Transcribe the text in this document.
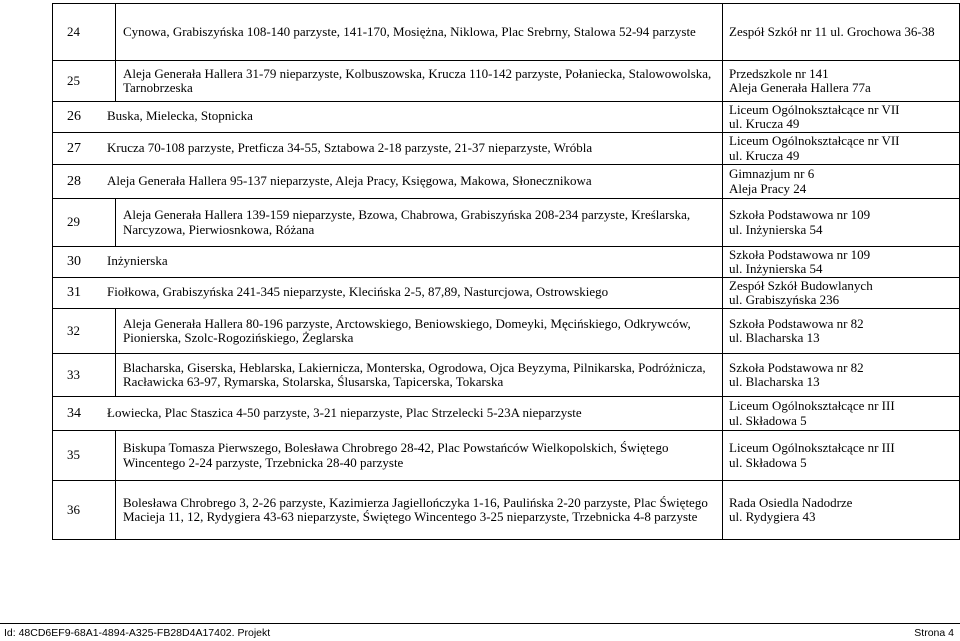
24	Cynowa, Grabiszyńska 108-140 parzyste, 141-170, Mosiężna, Niklowa, Plac Srebrny, Stalowa 52-94 parzyste	Zespół Szkół nr 11 ul. Grochowa 36-38

25	Aleja Generała Hallera 31-79 nieparzyste, Kolbuszowska, Krucza 110-142 parzyste, Połaniecka, Stalowowolska, Tarnobrzeska	Przedszkole nr 141
Aleja Generała Hallera 77a

26 Buska, Mielecka, Stopnicka		Liceum Ogólnokształcące nr VII
ul. Krucza 49

27 Krucza 70-108 parzyste, Pretficza 34-55, Sztabowa 2-18 parzyste, 21-37 nieparzyste, Wróbla		Liceum Ogólnokształcące nr VII
ul. Krucza 49

28 Aleja Generała Hallera 95-137 nieparzyste, Aleja Pracy, Księgowa, Makowa, Słonecznikowa		Gimnazjum nr 6
Aleja Pracy 24

29	Aleja Generała Hallera 139-159 nieparzyste, Bzowa, Chabrowa, Grabiszyńska 208-234 parzyste, Kreślarska, Narcyzowa, Pierwiosnkowa, Różana	Szkoła Podstawowa nr 109
ul. Inżynierska 54

30 Inżynierska		Szkoła Podstawowa nr 109
ul. Inżynierska 54

31 Fiołkowa, Grabiszyńska 241-345 nieparzyste, Klecińska 2-5, 87,89, Nasturcjowa, Ostrowskiego		Zespół Szkół Budowlanych
ul. Grabiszyńska 236

32	Aleja Generała Hallera 80-196 parzyste, Arctowskiego, Beniowskiego, Domeyki, Męcińskiego, Odkrywców, Pionierska, Szolc-Rogozińskiego, Żeglarska	Szkoła Podstawowa nr 82
ul. Blacharska 13

33	Blacharska, Giserska, Heblarska, Lakiernicza, Monterska, Ogrodowa, Ojca Beyzyma, Pilnikarska, Podróżnicza, Racławicka 63-97, Rymarska, Stolarska, Ślusarska, Tapicerska, Tokarska	Szkoła Podstawowa nr 82
ul. Blacharska 13

34 Łowiecka, Plac Staszica 4-50 parzyste, 3-21 nieparzyste, Plac Strzelecki 5-23A nieparzyste		Liceum Ogólnokształcące nr III
ul. Składowa 5

35	Biskupa Tomasza Pierwszego, Bolesława Chrobrego 28-42, Plac Powstańców Wielkopolskich, Świętego Wincentego 2-24 parzyste, Trzebnicka 28-40 parzyste	Liceum Ogólnokształcące nr III
ul. Składowa 5

36	Bolesława Chrobrego 3, 2-26 parzyste, Kazimierza Jagiellończyka 1-16, Paulińska 2-20 parzyste, Plac Świętego Macieja 11, 12, Rydygiera 43-63 nieparzyste, Świętego Wincentego 3-25 nieparzyste, Trzebnicka 4-8 parzyste	Rada Osiedla Nadodrze
ul. Rydygiera 43
Id: 48CD6EF9-68A1-4894-A325-FB28D4A17402. Projekt	Strona 4
